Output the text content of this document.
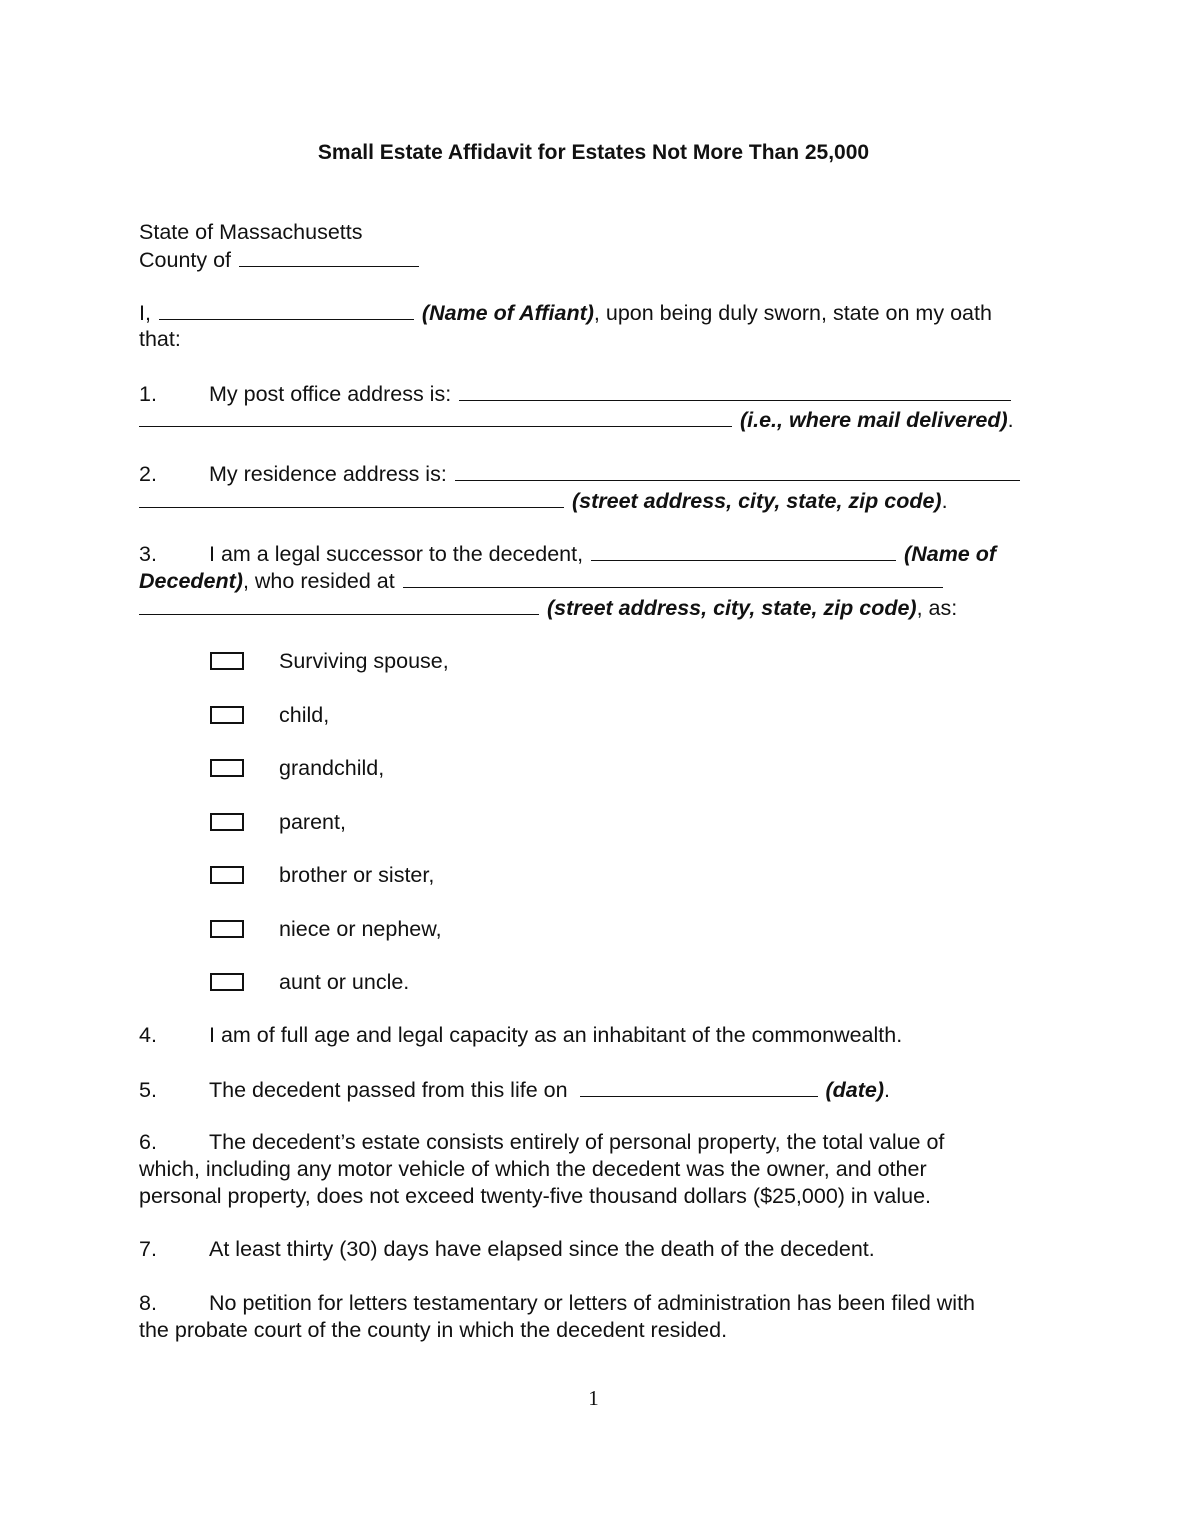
Small Estate Affidavit for Estates Not More Than 25,000
State of Massachusetts
County of
I,	(Name of Affiant), upon being duly sworn, state on my oath
that:
1. My post office address is:
(i.e., where mail delivered).
2. My residence address is:
(street address, city, state, zip code).
3. I am a legal successor to the decedent,	(Name of
Decedent), who resided at
(street address, city, state, zip code), as:
Surviving spouse,
child,
grandchild,
parent,
brother or sister,
niece or nephew,
aunt or uncle.
4. I am of full age and legal capacity as an inhabitant of the commonwealth.
5. The decedent passed from this life on	(date).
6. The decedent’s estate consists entirely of personal property, the total value of
which, including any motor vehicle of which the decedent was the owner, and other
personal property, does not exceed twenty-five thousand dollars ($25,000) in value.
7. At least thirty (30) days have elapsed since the death of the decedent.
8. No petition for letters testamentary or letters of administration has been filed with
the probate court of the county in which the decedent resided.
1
